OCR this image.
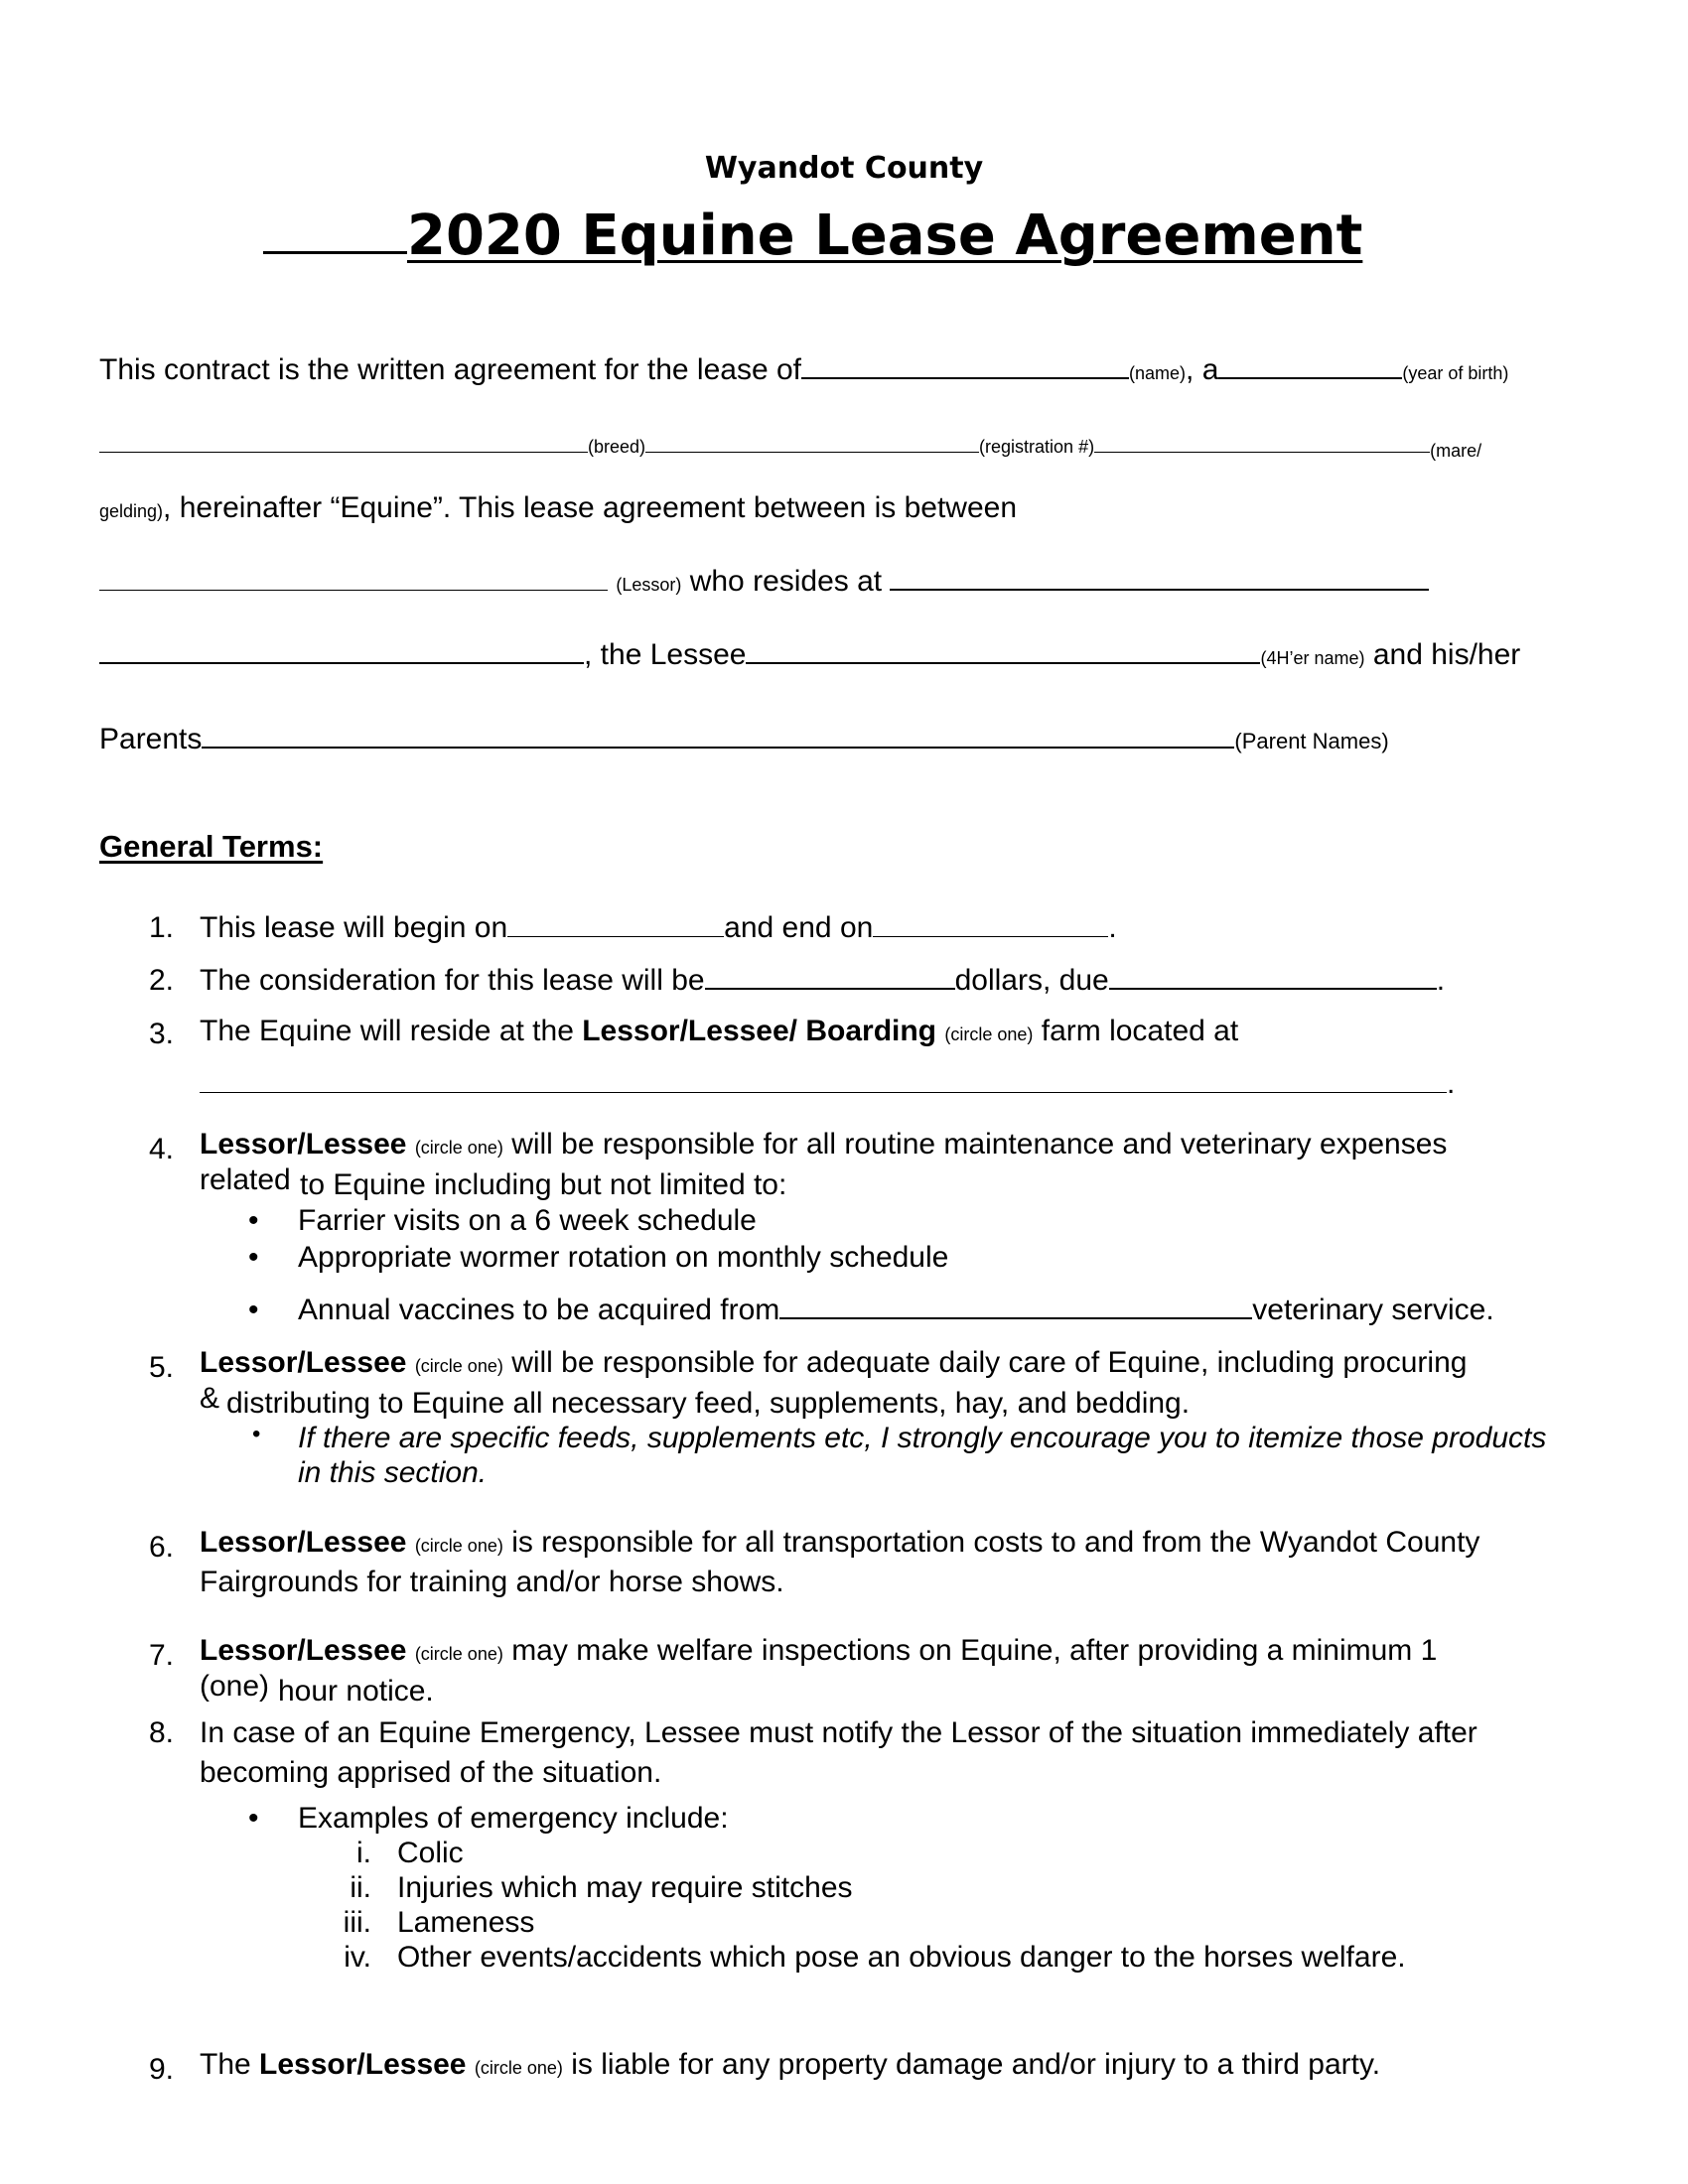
Wyandot County
2020 Equine Lease Agreement
This contract is the written agreement for the lease of	(name), a	(year of birth)
(breed)	(registration #)	(mare/
gelding), hereinafter “Equine”. This lease agreement between is between
(Lessor) who resides at
, the Lessee	(4H’er name) and his/her
Parents	(Parent Names)
General Terms:
1. This lease will begin on	and end on	.
2. The consideration for this lease will be	dollars, due	.
3. The Equine will reside at the Lessor/Lessee/ Boarding (circle one) farm located at
.
4. Lessor/Lessee (circle one) will be responsible for all routine maintenance and veterinary expenses
related to Equine including but not limited to:
• Farrier visits on a 6 week schedule
• Appropriate wormer rotation on monthly schedule
• Annual vaccines to be acquired from	veterinary service.
5. Lessor/Lessee (circle one) will be responsible for adequate daily care of Equine, including procuring
& distributing to Equine all necessary feed, supplements, hay, and bedding.
• If there are specific feeds, supplements etc, I strongly encourage you to itemize those products
in this section.
6. Lessor/Lessee (circle one) is responsible for all transportation costs to and from the Wyandot County
Fairgrounds for training and/or horse shows.
7. Lessor/Lessee (circle one) may make welfare inspections on Equine, after providing a minimum 1
(one) hour notice.
8. In case of an Equine Emergency, Lessee must notify the Lessor of the situation immediately after
becoming apprised of the situation.
• Examples of emergency include:
i. Colic
ii. Injuries which may require stitches
iii. Lameness
iv. Other events/accidents which pose an obvious danger to the horses welfare.
9. The Lessor/Lessee (circle one) is liable for any property damage and/or injury to a third party.
